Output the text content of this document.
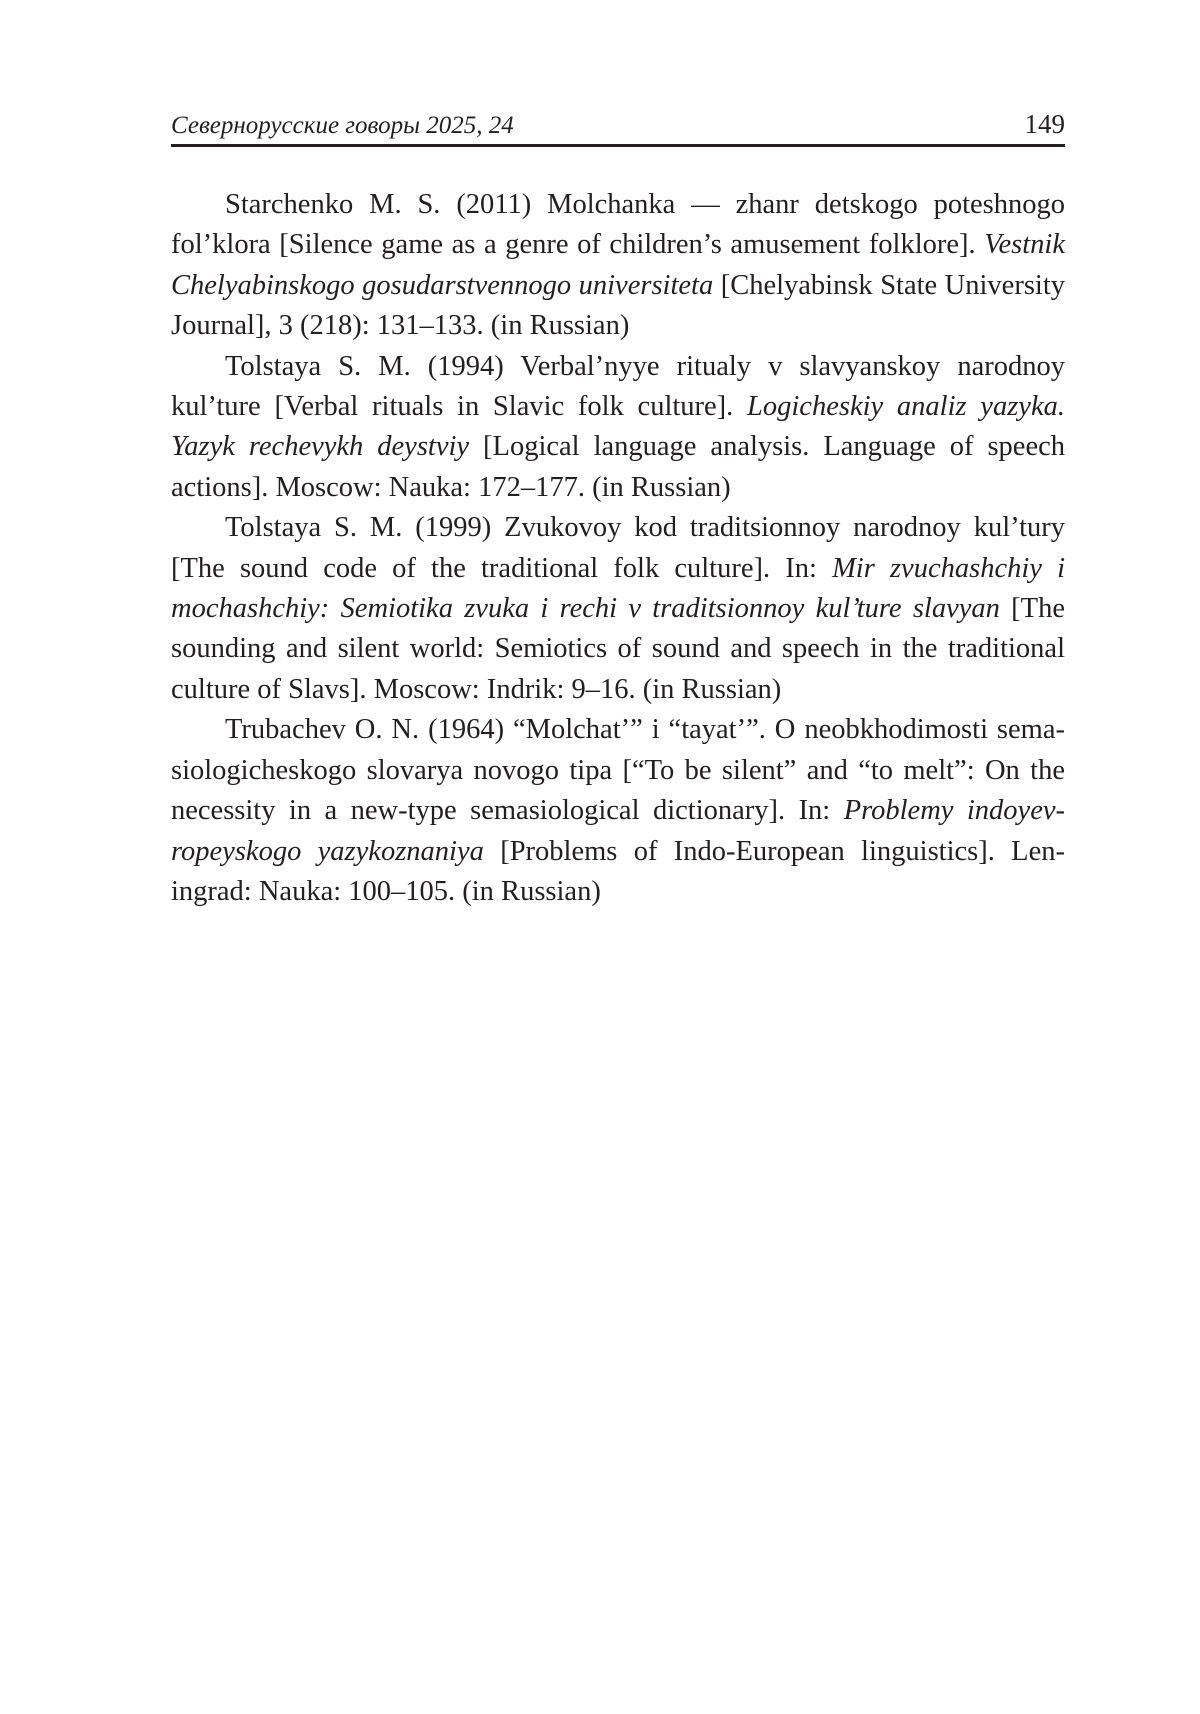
Севернорусские говоры 2025, 24	149

Starchenko M. S. (2011) Molchanka — zhanr detskogo poteshnogo fol’klora [Silence game as a genre of children’s amusement folklore]. Vestnik Chelyabinskogo gosudarstvennogo universiteta [Chelyabinsk State University Journal], 3 (218): 131–133. (in Russian)

Tolstaya S. M. (1994) Verbal’nyye ritualy v slavyanskoy narodnoy kul’ture [Verbal rituals in Slavic folk culture]. Logicheskiy analiz yazyka. Yazyk rechevykh deystviy [Logical language analysis. Language of speech actions]. Moscow: Nauka: 172–177. (in Russian)

Tolstaya S. M. (1999) Zvukovoy kod traditsionnoy narodnoy kul’tury [The sound code of the traditional folk culture]. In: Mir zvuchashchiy i mochashchiy: Semiotika zvuka i rechi v traditsionnoy kul’ture slavyan [The sounding and silent world: Semiotics of sound and speech in the traditional culture of Slavs]. Moscow: Indrik: 9–16. (in Russian)

Trubachev O. N. (1964) “Molchat’” i “tayat’”. O neobkhodimosti semasiologicheskogo slovarya novogo tipa [“To be silent” and “to melt”: On the necessity in a new-type semasiological dictionary]. In: Problemy indoyevropeyskogo yazykoznaniya [Problems of Indo-European linguistics]. Leningrad: Nauka: 100–105. (in Russian)
